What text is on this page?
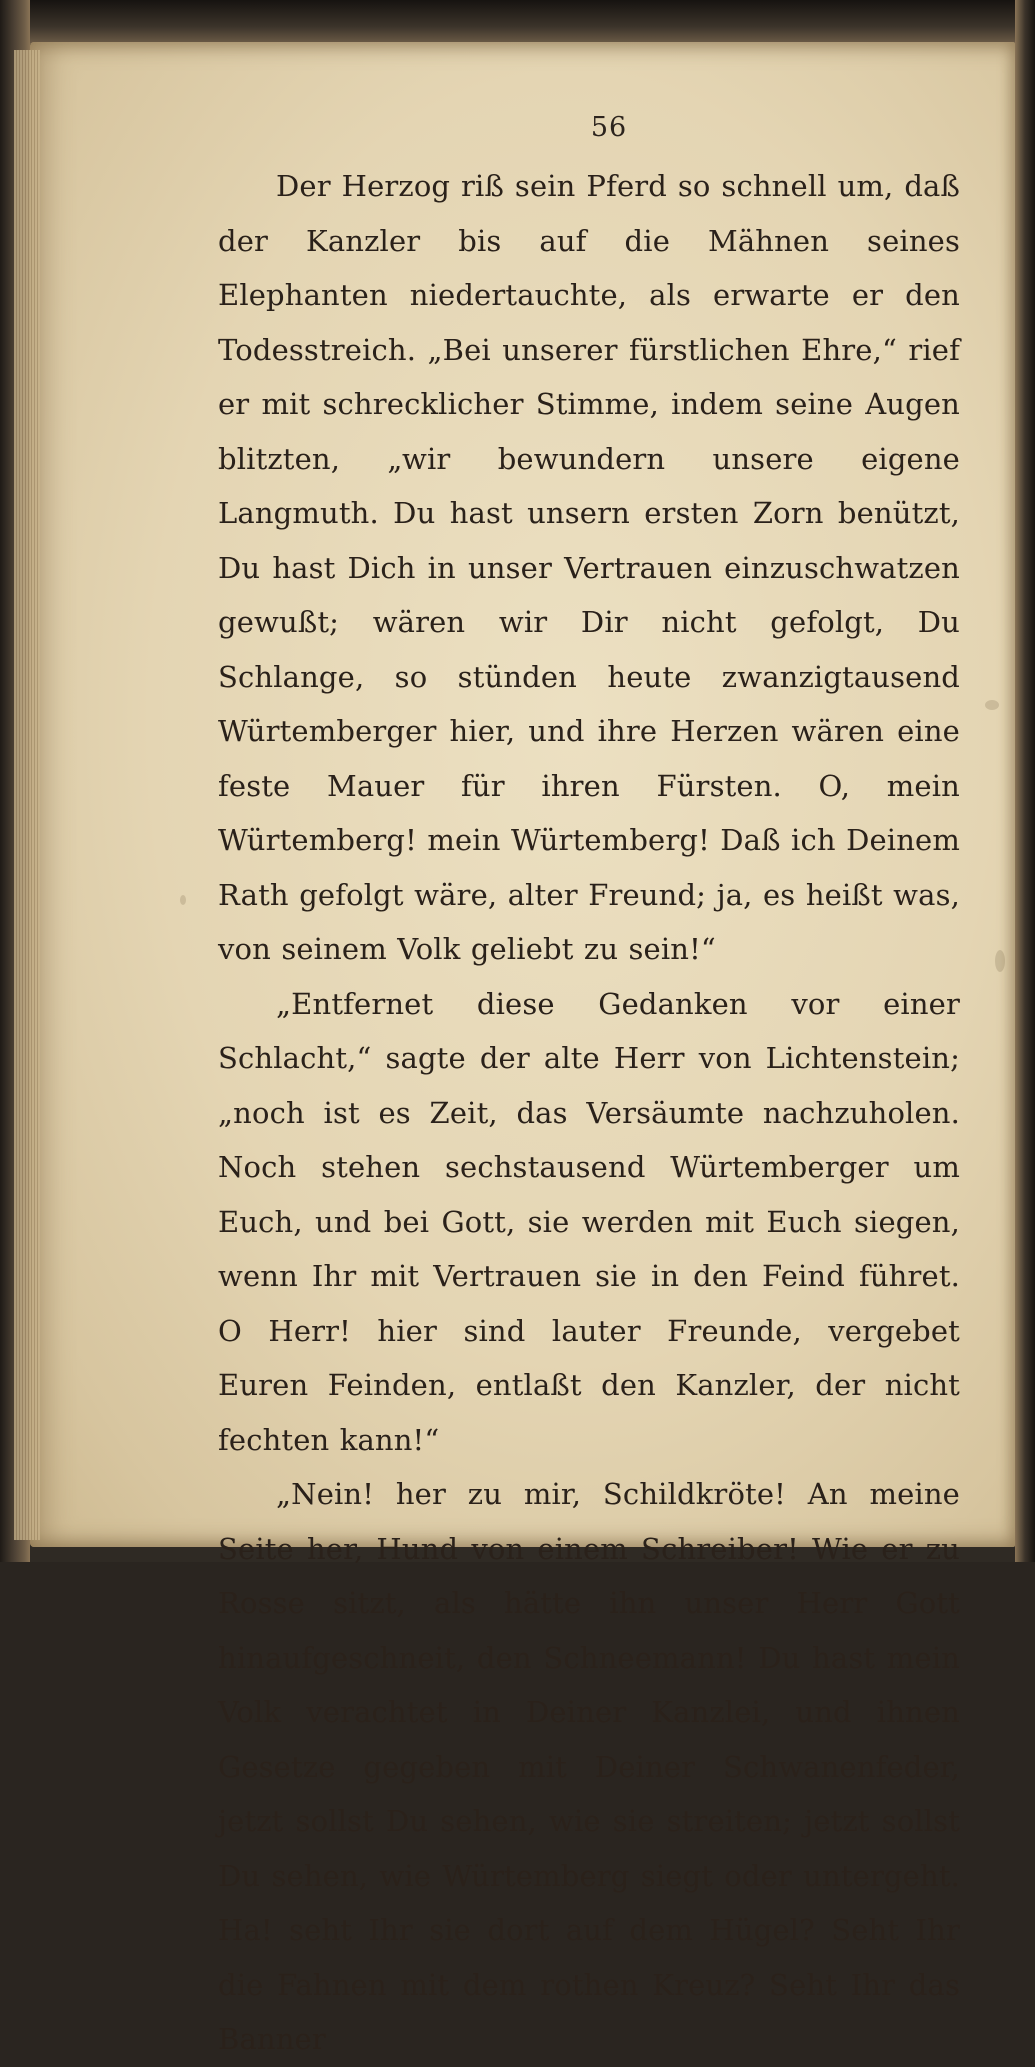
56

Der Herzog riß sein Pferd so schnell um, daß der Kanzler bis auf die Mähnen seines Elephanten niedertauchte, als erwarte er den Todesstreich. „Bei unserer fürstlichen Ehre,“ rief er mit schrecklicher Stimme, indem seine Augen blitzten, „wir bewundern unsere eigene Langmuth. Du hast unsern ersten Zorn benützt, Du hast Dich in unser Vertrauen einzuschwatzen gewußt; wären wir Dir nicht gefolgt, Du Schlange, so stünden heute zwanzigtausend Würtemberger hier, und ihre Herzen wären eine feste Mauer für ihren Fürsten. O, mein Würtemberg! mein Würtemberg! Daß ich Deinem Rath gefolgt wäre, alter Freund; ja, es heißt was, von seinem Volk geliebt zu sein!“

„Entfernet diese Gedanken vor einer Schlacht,“ sagte der alte Herr von Lichtenstein; „noch ist es Zeit, das Versäumte nachzuholen. Noch stehen sechstausend Würtemberger um Euch, und bei Gott, sie werden mit Euch siegen, wenn Ihr mit Vertrauen sie in den Feind führet. O Herr! hier sind lauter Freunde, vergebet Euren Feinden, entlaßt den Kanzler, der nicht fechten kann!“

„Nein! her zu mir, Schildkröte! An meine Seite her, Hund von einem Schreiber! Wie er zu Rosse sitzt, als hätte ihn unser Herr Gott hinaufgeschneit, den Schneemann! Du hast mein Volk verachtet in Deiner Kanzlei, und ihnen Gesetze gegeben mit Deiner Schwanenfeder, jetzt sollst Du sehen, wie sie streiten; jetzt sollst Du sehen, wie Würtemberg siegt oder untergeht. Ha! seht Ihr sie dort auf dem Hügel? Seht Ihr die Fahnen mit dem rothen Kreuz? Seht Ihr das Banner
